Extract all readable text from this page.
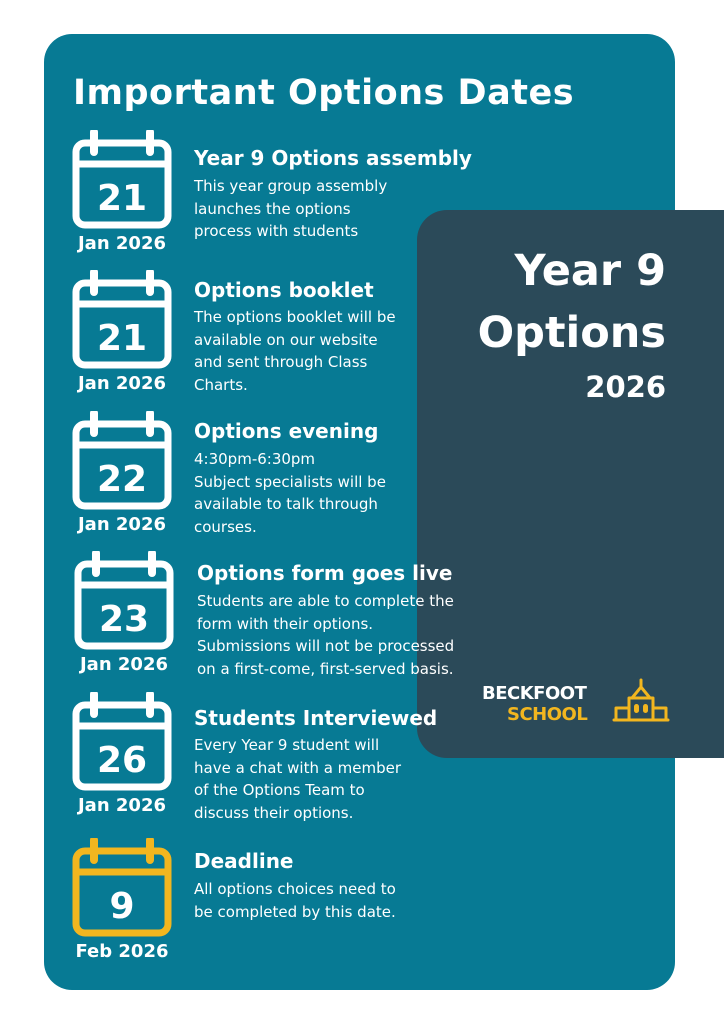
Important Options Dates
Year 9
Options
2026
BECKFOOT
SCHOOL
21
Jan 2026
Year 9 Options assembly
This year group assembly
launches the options
process with students
21
Jan 2026
Options booklet
The options booklet will be
available on our website
and sent through Class
Charts.
22
Jan 2026
Options evening
4:30pm-6:30pm
Subject specialists will be
available to talk through
courses.
23
Jan 2026
Options form goes live
Students are able to complete the
form with their options.
Submissions will not be processed
on a first-come, first-served basis.
26
Jan 2026
Students Interviewed
Every Year 9 student will
have a chat with a member
of the Options Team to
discuss their options.
9
Feb 2026
Deadline
All options choices need to
be completed by this date.
